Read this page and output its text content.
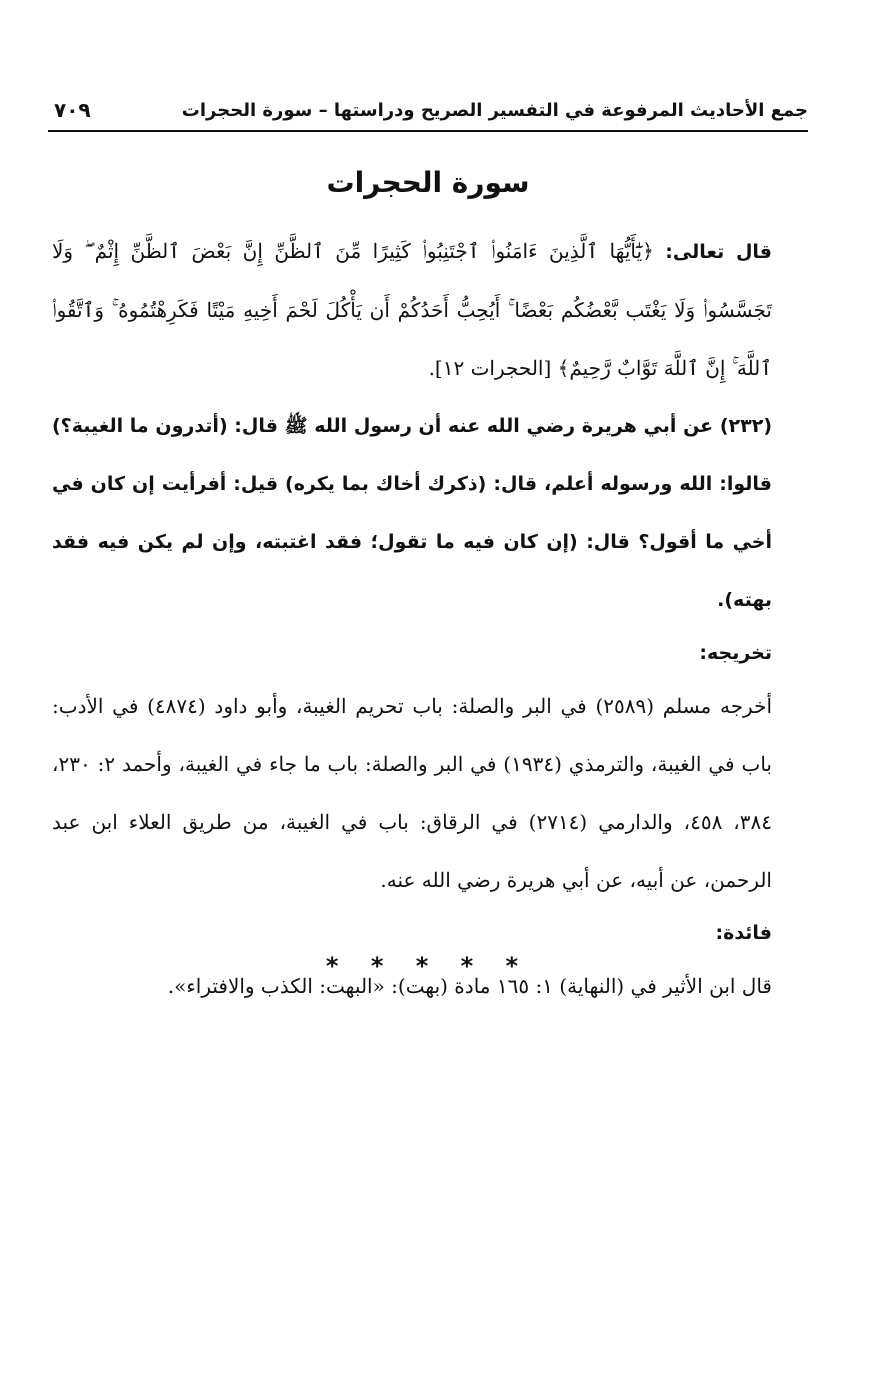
جمع الأحاديث المرفوعة في التفسير الصريح ودراستها – سورة الحجرات
٧٠٩
سورة الحجرات

قال تعالى: ﴿يَٰٓأَيُّهَا ٱلَّذِينَ ءَامَنُوا۟ ٱجْتَنِبُوا۟ كَثِيرًا مِّنَ ٱلظَّنِّ إِنَّ بَعْضَ ٱلظَّنِّ إِثْمٌ ۖ وَلَا تَجَسَّسُوا۟ وَلَا يَغْتَب بَّعْضُكُم بَعْضًا ۚ أَيُحِبُّ أَحَدُكُمْ أَن يَأْكُلَ لَحْمَ أَخِيهِ مَيْتًا فَكَرِهْتُمُوهُ ۚ وَٱتَّقُوا۟ ٱللَّهَ ۚ إِنَّ ٱللَّهَ تَوَّابٌ رَّحِيمٌ﴾ [الحجرات ١٢].

(٢٣٢) عن أبي هريرة رضي الله عنه أن رسول الله ﷺ قال: (أتدرون ما الغيبة؟) قالوا: الله ورسوله أعلم، قال: (ذكرك أخاك بما يكره) قيل: أفرأيت إن كان في أخي ما أقول؟ قال: (إن كان فيه ما تقول؛ فقد اغتبته، وإن لم يكن فيه فقد بهته).

تخريجه:

أخرجه مسلم (٢٥٨٩) في البر والصلة: باب تحريم الغيبة، وأبو داود (٤٨٧٤) في الأدب: باب في الغيبة، والترمذي (١٩٣٤) في البر والصلة: باب ما جاء في الغيبة، وأحمد ٢: ٢٣٠، ٣٨٤، ٤٥٨، والدارمي (٢٧١٤) في الرقاق: باب في الغيبة، من طريق العلاء ابن عبد الرحمن، عن أبيه، عن أبي هريرة رضي الله عنه.

فائدة:

قال ابن الأثير في (النهاية) ١: ١٦٥ مادة (بهت): «البهت: الكذب والافتراء».

* * * * *
